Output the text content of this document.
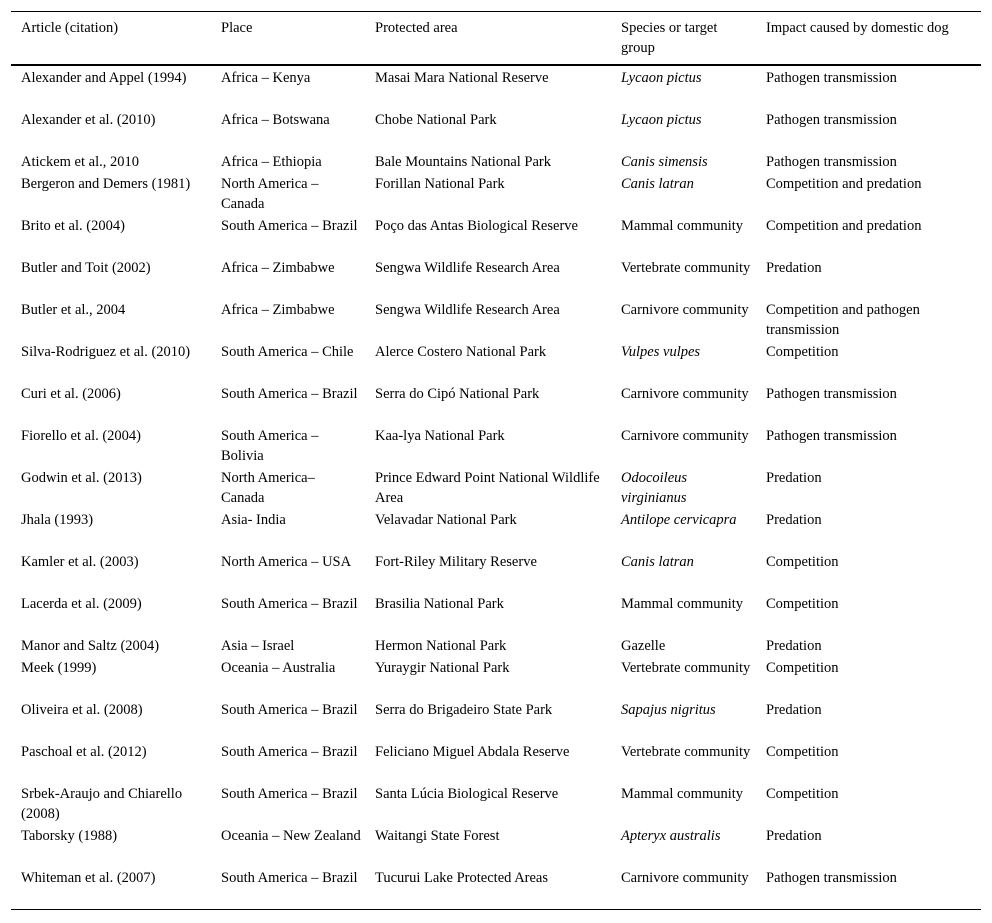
Article (citation)	Place	Protected area	Species or target group	Impact caused by domestic dog
Alexander and Appel (1994)	Africa – Kenya	Masai Mara National Reserve	Lycaon pictus	Pathogen transmission
Alexander et al. (2010)	Africa – Botswana	Chobe National Park	Lycaon pictus	Pathogen transmission
Atickem et al., 2010	Africa – Ethiopia	Bale Mountains National Park	Canis simensis	Pathogen transmission
Bergeron and Demers (1981)	North America – Canada	Forillan National Park	Canis latran	Competition and predation
Brito et al. (2004)	South America – Brazil	Poço das Antas Biological Reserve	Mammal community	Competition and predation
Butler and Toit (2002)	Africa – Zimbabwe	Sengwa Wildlife Research Area	Vertebrate community	Predation
Butler et al., 2004	Africa – Zimbabwe	Sengwa Wildlife Research Area	Carnivore community	Competition and pathogen transmission
Silva-Rodriguez et al. (2010)	South America – Chile	Alerce Costero National Park	Vulpes vulpes	Competition
Curi et al. (2006)	South America – Brazil	Serra do Cipó National Park	Carnivore community	Pathogen transmission
Fiorello et al. (2004)	South America – Bolivia	Kaa-lya National Park	Carnivore community	Pathogen transmission
Godwin et al. (2013)	North America– Canada	Prince Edward Point National Wildlife Area	Odocoileus virginianus	Predation
Jhala (1993)	Asia- India	Velavadar National Park	Antilope cervicapra	Predation
Kamler et al. (2003)	North America – USA	Fort-Riley Military Reserve	Canis latran	Competition
Lacerda et al. (2009)	South America – Brazil	Brasilia National Park	Mammal community	Competition
Manor and Saltz (2004)	Asia – Israel	Hermon National Park	Gazelle	Predation
Meek (1999)	Oceania – Australia	Yuraygir National Park	Vertebrate community	Competition
Oliveira et al. (2008)	South America – Brazil	Serra do Brigadeiro State Park	Sapajus nigritus	Predation
Paschoal et al. (2012)	South America – Brazil	Feliciano Miguel Abdala Reserve	Vertebrate community	Competition
Srbek-Araujo and Chiarello (2008)	South America – Brazil	Santa Lúcia Biological Reserve	Mammal community	Competition
Taborsky (1988)	Oceania – New Zealand	Waitangi State Forest	Apteryx australis	Predation
Whiteman et al. (2007)	South America – Brazil	Tucurui Lake Protected Areas	Carnivore community	Pathogen transmission
